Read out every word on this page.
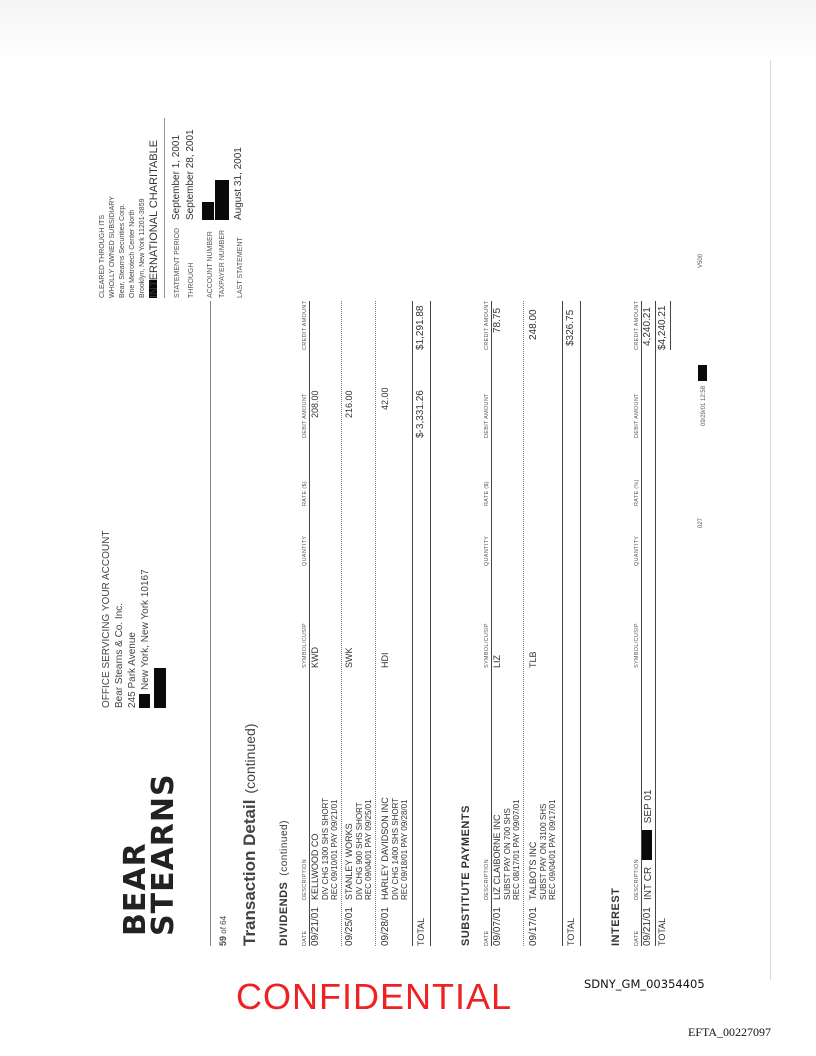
BEAR
STEARNS
OFFICE SERVICING YOUR ACCOUNT Bear Stearns & Co. Inc. 245 Park Avenue New York, New York 10167
CLEARED THROUGH ITS WHOLLY OWNED SUBSIDIARY Bear, Stearns Securities Corp. One Metrotech Center North Brooklyn, New York 11201-3859 INTERNATIONAL CHARITABLE STATEMENT PERIOD
September 1, 2001
THROUGH
September 28, 2001
ACCOUNT NUMBER TAXPAYER NUMBER LAST STATEMENT
August 31, 2001
59 of 64 Transaction Detail(continued)
DIVIDENDS(continued)
DATE
DESCRIPTION
SYMBOL/CUSIP
QUANTITY
RATE ($)
DEBIT AMOUNT
CREDIT AMOUNT
09/21/01
KELLWOOD CO DIV CHG 1300 SHS SHORT REC 09/10/01 PAY 09/21/01
KWD
208.00
09/25/01
STANLEY WORKS DIV CHG 900 SHS SHORT REC 09/04/01 PAY 09/25/01
SWK
216.00
09/28/01
HARLEY DAVIDSON INC DIV CHG 1400 SHS SHORT REC 09/18/01 PAY 09/28/01
HDI
42.00
TOTAL
$-3,331.26
$1,291.88
SUBSTITUTE PAYMENTS DATE
DESCRIPTION
SYMBOL/CUSIP
QUANTITY
RATE ($)
DEBIT AMOUNT
CREDIT AMOUNT
09/07/01
LIZ CLAIBORNE INC SUBST PAY ON 700 SHS REC 08/17/01 PAY 09/07/01
LIZ
78.75
09/17/01
TALBOTS INC SUBST PAY ON 3100 SHS REC 09/04/01 PAY 09/17/01
TLB
248.00
TOTAL
$326.75
INTEREST DATE
DESCRIPTION
SYMBOL/CUSIP
QUANTITY
RATE (%)
DEBIT AMOUNT
CREDIT AMOUNT
09/21/01
INT CR  SEP 01
4,240.21
TOTAL
$4,240.21
027
09/29/01 12:58
V500
CONFIDENTIAL	SDNY_GM_00354405
EFTA_00227097
